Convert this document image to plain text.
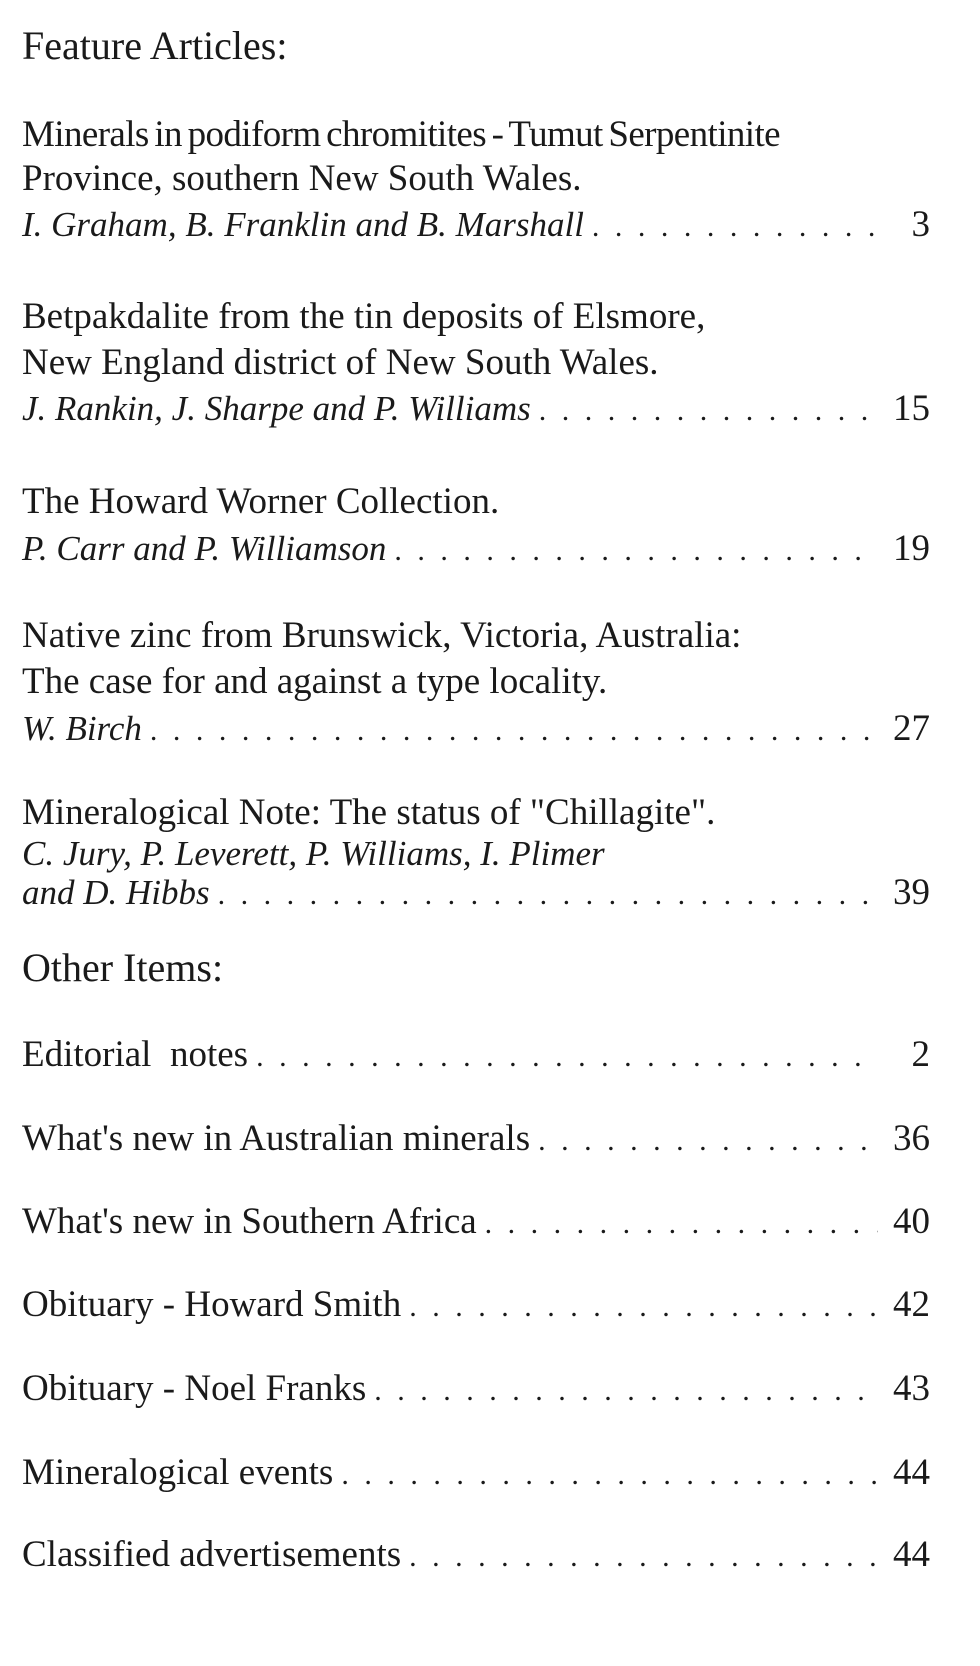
Feature Articles:
Minerals in podiform chromitites - Tumut Serpentinite
Province, southern New South Wales.
I. Graham, B. Franklin and B. Marshall . . .	3
Betpakdalite from the tin deposits of Elsmore,
New England district of New South Wales.
J. Rankin, J. Sharpe and P. Williams . . .	15
The Howard Worner Collection.
P. Carr and P. Williamson . . .	19
Native zinc from Brunswick, Victoria, Australia:
The case for and against a type locality.
W. Birch . . .	27
Mineralogical Note: The status of "Chillagite".
C. Jury, P. Leverett, P. Williams, I. Plimer
and D. Hibbs . . .	39
Other Items:
Editorial  notes . . .	2
What's new in Australian minerals . . .	36
What's new in Southern Africa . . .	40
Obituary - Howard Smith . . .	42
Obituary - Noel Franks . . .	43
Mineralogical events . . .	44
Classified advertisements . . .	44
